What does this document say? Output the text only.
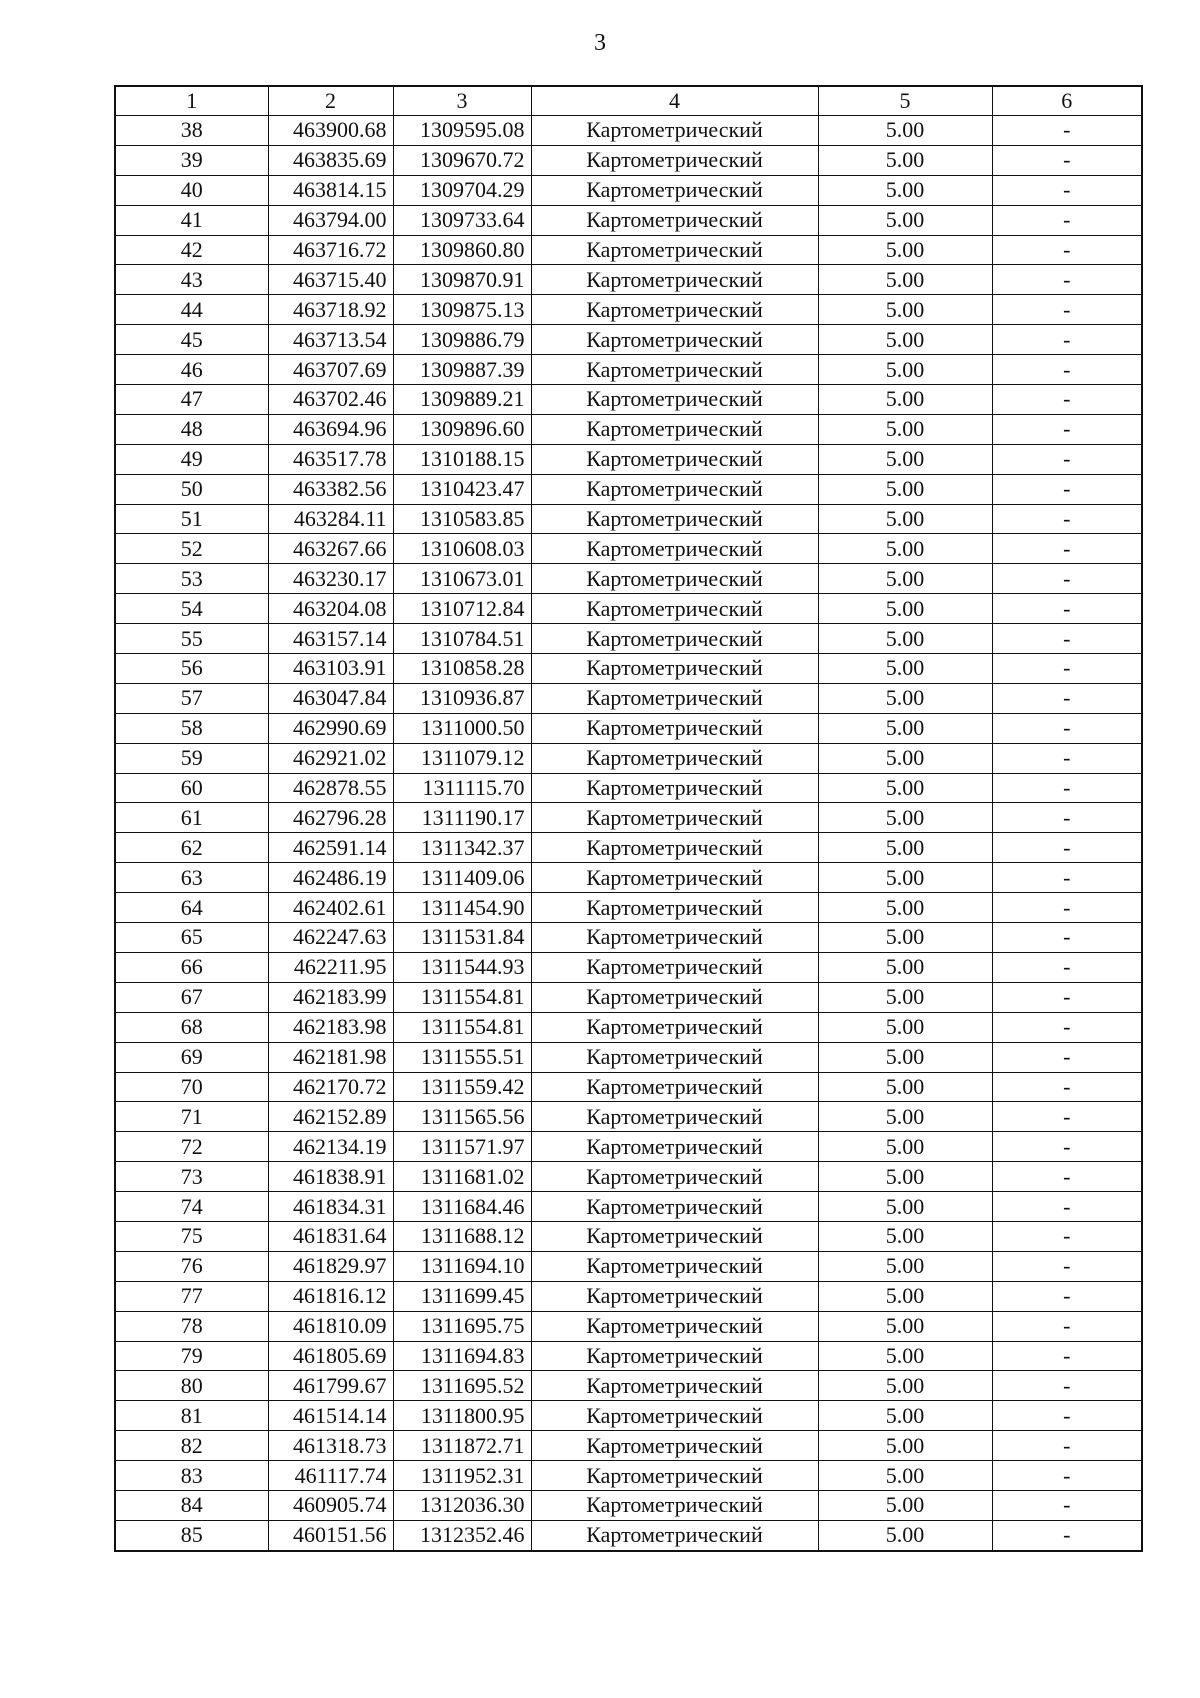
3
1	2	3	4	5	6
38	463900.68	1309595.08	Картометрический	5.00	-
39	463835.69	1309670.72	Картометрический	5.00	-
40	463814.15	1309704.29	Картометрический	5.00	-
41	463794.00	1309733.64	Картометрический	5.00	-
42	463716.72	1309860.80	Картометрический	5.00	-
43	463715.40	1309870.91	Картометрический	5.00	-
44	463718.92	1309875.13	Картометрический	5.00	-
45	463713.54	1309886.79	Картометрический	5.00	-
46	463707.69	1309887.39	Картометрический	5.00	-
47	463702.46	1309889.21	Картометрический	5.00	-
48	463694.96	1309896.60	Картометрический	5.00	-
49	463517.78	1310188.15	Картометрический	5.00	-
50	463382.56	1310423.47	Картометрический	5.00	-
51	463284.11	1310583.85	Картометрический	5.00	-
52	463267.66	1310608.03	Картометрический	5.00	-
53	463230.17	1310673.01	Картометрический	5.00	-
54	463204.08	1310712.84	Картометрический	5.00	-
55	463157.14	1310784.51	Картометрический	5.00	-
56	463103.91	1310858.28	Картометрический	5.00	-
57	463047.84	1310936.87	Картометрический	5.00	-
58	462990.69	1311000.50	Картометрический	5.00	-
59	462921.02	1311079.12	Картометрический	5.00	-
60	462878.55	1311115.70	Картометрический	5.00	-
61	462796.28	1311190.17	Картометрический	5.00	-
62	462591.14	1311342.37	Картометрический	5.00	-
63	462486.19	1311409.06	Картометрический	5.00	-
64	462402.61	1311454.90	Картометрический	5.00	-
65	462247.63	1311531.84	Картометрический	5.00	-
66	462211.95	1311544.93	Картометрический	5.00	-
67	462183.99	1311554.81	Картометрический	5.00	-
68	462183.98	1311554.81	Картометрический	5.00	-
69	462181.98	1311555.51	Картометрический	5.00	-
70	462170.72	1311559.42	Картометрический	5.00	-
71	462152.89	1311565.56	Картометрический	5.00	-
72	462134.19	1311571.97	Картометрический	5.00	-
73	461838.91	1311681.02	Картометрический	5.00	-
74	461834.31	1311684.46	Картометрический	5.00	-
75	461831.64	1311688.12	Картометрический	5.00	-
76	461829.97	1311694.10	Картометрический	5.00	-
77	461816.12	1311699.45	Картометрический	5.00	-
78	461810.09	1311695.75	Картометрический	5.00	-
79	461805.69	1311694.83	Картометрический	5.00	-
80	461799.67	1311695.52	Картометрический	5.00	-
81	461514.14	1311800.95	Картометрический	5.00	-
82	461318.73	1311872.71	Картометрический	5.00	-
83	461117.74	1311952.31	Картометрический	5.00	-
84	460905.74	1312036.30	Картометрический	5.00	-
85	460151.56	1312352.46	Картометрический	5.00	-
